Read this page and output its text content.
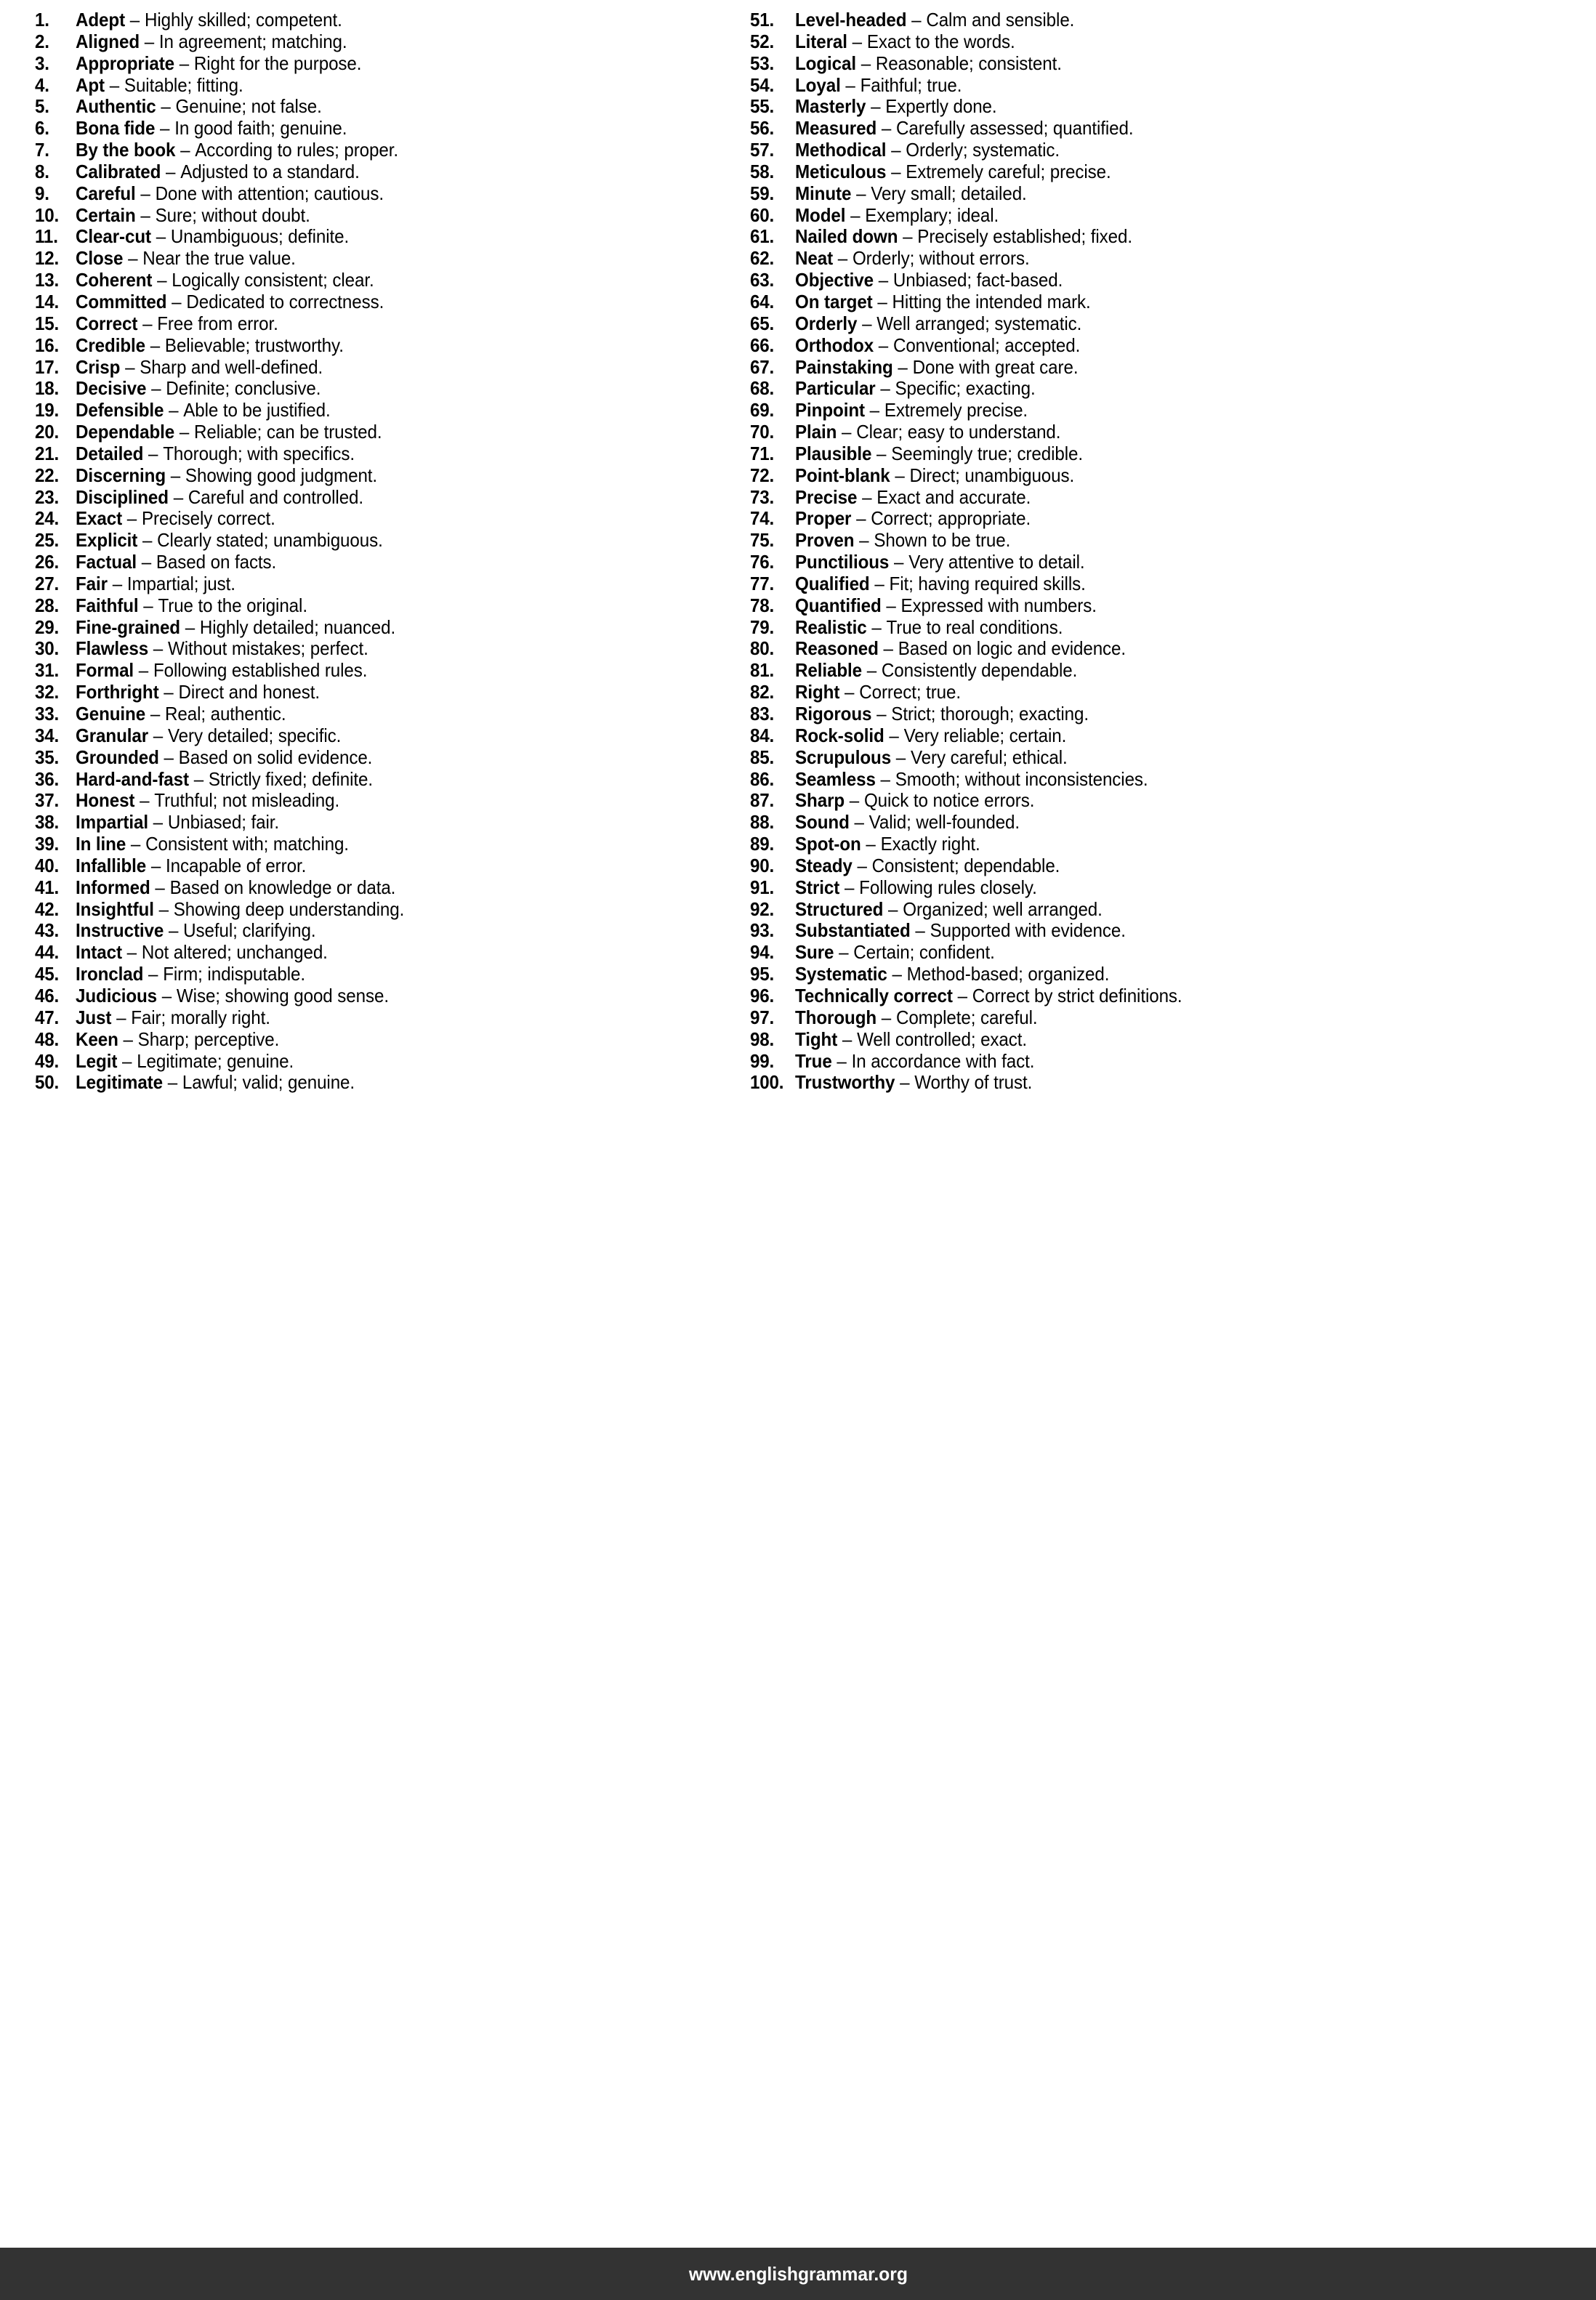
1.	Adept – Highly skilled; competent.
2.	Aligned – In agreement; matching.
3.	Appropriate – Right for the purpose.
4.	Apt – Suitable; fitting.
5.	Authentic – Genuine; not false.
6.	Bona fide – In good faith; genuine.
7.	By the book – According to rules; proper.
8.	Calibrated – Adjusted to a standard.
9.	Careful – Done with attention; cautious.
10. Certain – Sure; without doubt.
11. Clear-cut – Unambiguous; definite.
12. Close – Near the true value.
13. Coherent – Logically consistent; clear.
14. Committed – Dedicated to correctness.
15. Correct – Free from error.
16. Credible – Believable; trustworthy.
17. Crisp – Sharp and well-defined.
18. Decisive – Definite; conclusive.
19. Defensible – Able to be justified.
20. Dependable – Reliable; can be trusted.
21. Detailed – Thorough; with specifics.
22. Discerning – Showing good judgment.
23. Disciplined – Careful and controlled.
24. Exact – Precisely correct.
25. Explicit – Clearly stated; unambiguous.
26. Factual – Based on facts.
27. Fair – Impartial; just.
28. Faithful – True to the original.
29. Fine-grained – Highly detailed; nuanced.
30. Flawless – Without mistakes; perfect.
31. Formal – Following established rules.
32. Forthright – Direct and honest.
33. Genuine – Real; authentic.
34. Granular – Very detailed; specific.
35. Grounded – Based on solid evidence.
36. Hard-and-fast – Strictly fixed; definite.
37. Honest – Truthful; not misleading.
38. Impartial – Unbiased; fair.
39. In line – Consistent with; matching.
40. Infallible – Incapable of error.
41. Informed – Based on knowledge or data.
42. Insightful – Showing deep understanding.
43. Instructive – Useful; clarifying.
44. Intact – Not altered; unchanged.
45. Ironclad – Firm; indisputable.
46. Judicious – Wise; showing good sense.
47. Just – Fair; morally right.
48. Keen – Sharp; perceptive.
49. Legit – Legitimate; genuine.
50. Legitimate – Lawful; valid; genuine.
51.	Level-headed – Calm and sensible.
52.	Literal – Exact to the words.
53.	Logical – Reasonable; consistent.
54.	Loyal – Faithful; true.
55.	Masterly – Expertly done.
56.	Measured – Carefully assessed; quantified.
57.	Methodical – Orderly; systematic.
58.	Meticulous – Extremely careful; precise.
59.	Minute – Very small; detailed.
60.	Model – Exemplary; ideal.
61.	Nailed down – Precisely established; fixed.
62.	Neat – Orderly; without errors.
63.	Objective – Unbiased; fact-based.
64.	On target – Hitting the intended mark.
65.	Orderly – Well arranged; systematic.
66.	Orthodox – Conventional; accepted.
67.	Painstaking – Done with great care.
68.	Particular – Specific; exacting.
69.	Pinpoint – Extremely precise.
70.	Plain – Clear; easy to understand.
71.	Plausible – Seemingly true; credible.
72.	Point-blank – Direct; unambiguous.
73.	Precise – Exact and accurate.
74.	Proper – Correct; appropriate.
75.	Proven – Shown to be true.
76.	Punctilious – Very attentive to detail.
77.	Qualified – Fit; having required skills.
78.	Quantified – Expressed with numbers.
79.	Realistic – True to real conditions.
80.	Reasoned – Based on logic and evidence.
81.	Reliable – Consistently dependable.
82.	Right – Correct; true.
83.	Rigorous – Strict; thorough; exacting.
84.	Rock-solid – Very reliable; certain.
85.	Scrupulous – Very careful; ethical.
86.	Seamless – Smooth; without inconsistencies.
87.	Sharp – Quick to notice errors.
88.	Sound – Valid; well-founded.
89.	Spot-on – Exactly right.
90.	Steady – Consistent; dependable.
91.	Strict – Following rules closely.
92.	Structured – Organized; well arranged.
93.	Substantiated – Supported with evidence.
94.	Sure – Certain; confident.
95.	Systematic – Method-based; organized.
96.	Technically correct – Correct by strict definitions.
97.	Thorough – Complete; careful.
98.	Tight – Well controlled; exact.
99.	True – In accordance with fact.
100. Trustworthy – Worthy of trust.
www.englishgrammar.org
